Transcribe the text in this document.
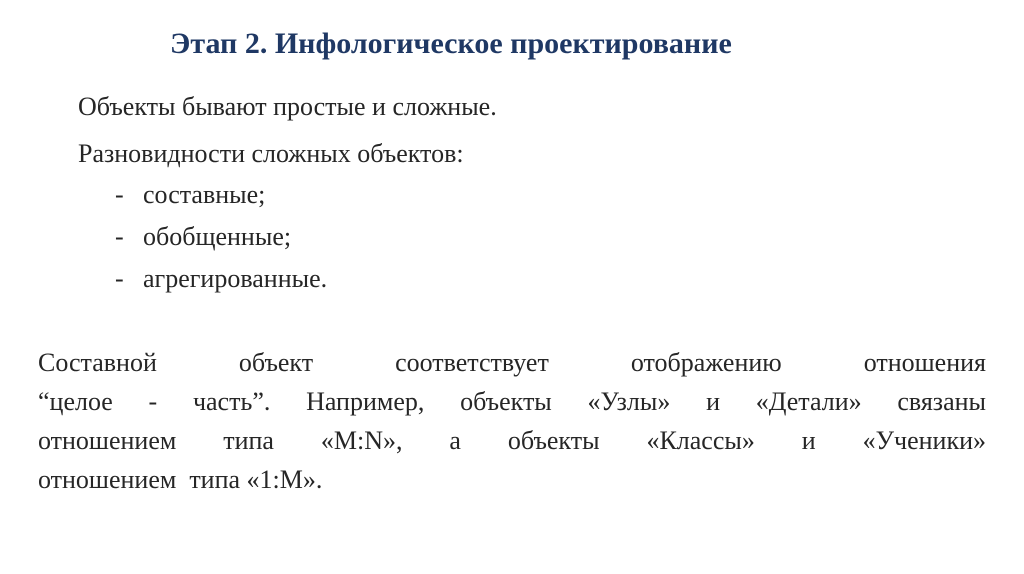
Этап 2. Инфологическое проектирование
Объекты бывают простые и сложные.
Разновидности сложных объектов:
- составные;
- обобщенные;
- агрегированные.
Составной	объект	соответствует	отображению	отношения
“целое - часть”. Например, объекты «Узлы» и «Детали» связаны
отношением типа «M:N», а объекты «Классы» и «Ученики»
отношением  типа «1:М».
